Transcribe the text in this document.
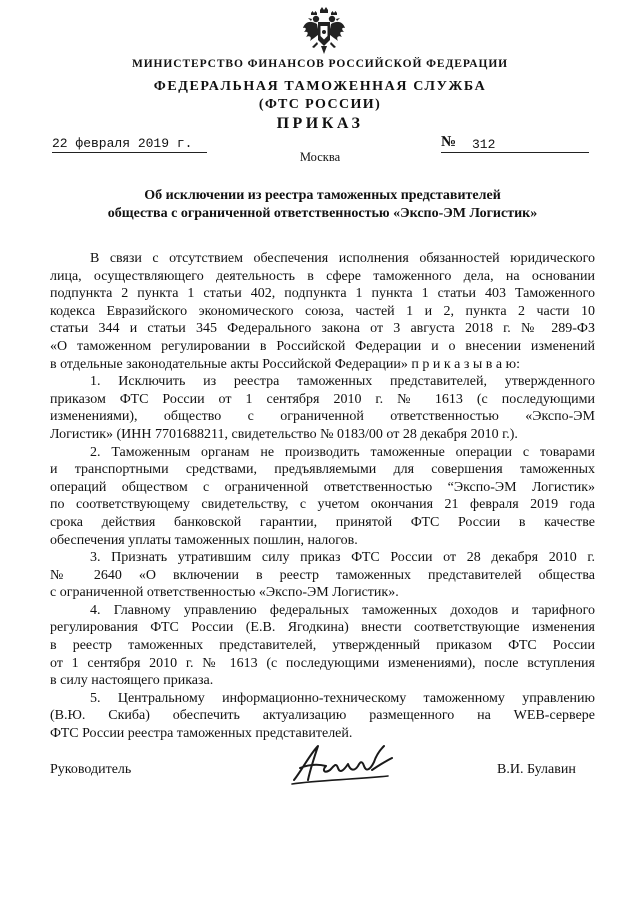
МИНИСТЕРСТВО ФИНАНСОВ РОССИЙСКОЙ ФЕДЕРАЦИИ
ФЕДЕРАЛЬНАЯ ТАМОЖЕННАЯ СЛУЖБА
(ФТС РОССИИ)
ПРИКАЗ
22 февраля 2019 г.	№ 312
Москва
Об исключении из реестра таможенных представителей
общества с ограниченной ответственностью «Экспо-ЭМ Логистик»
В связи с отсутствием обеспечения исполнения обязанностей юридического
лица, осуществляющего деятельность в сфере таможенного дела, на основании
подпункта 2 пункта 1 статьи 402, подпункта 1 пункта 1 статьи 403 Таможенного
кодекса Евразийского экономического союза, частей 1 и 2, пункта 2 части 10
статьи 344 и статьи 345 Федерального закона от 3 августа 2018 г. № 289-ФЗ
«О таможенном регулировании в Российской Федерации и о внесении изменений
в отдельные законодательные акты Российской Федерации» п р и к а з ы в а ю:
1. Исключить из реестра таможенных представителей, утвержденного
приказом ФТС России от 1 сентября 2010 г. № 1613 (с последующими
изменениями), общество с ограниченной ответственностью «Экспо-ЭМ
Логистик» (ИНН 7701688211, свидетельство № 0183/00 от 28 декабря 2010 г.).
2. Таможенным органам не производить таможенные операции с товарами
и транспортными средствами, предъявляемыми для совершения таможенных
операций обществом с ограниченной ответственностью “Экспо-ЭМ Логистик»
по соответствующему свидетельству, с учетом окончания 21 февраля 2019 года
срока действия банковской гарантии, принятой ФТС России в качестве
обеспечения уплаты таможенных пошлин, налогов.
3. Признать утратившим силу приказ ФТС России от 28 декабря 2010 г.
№ 2640 «О включении в реестр таможенных представителей общества
с ограниченной ответственностью «Экспо-ЭМ Логистик».
4. Главному управлению федеральных таможенных доходов и тарифного
регулирования ФТС России (Е.В. Ягодкина) внести соответствующие изменения
в реестр таможенных представителей, утвержденный приказом ФТС России
от 1 сентября 2010 г. № 1613 (с последующими изменениями), после вступления
в силу настоящего приказа.
5. Центральному информационно-техническому таможенному управлению
(В.Ю. Скиба) обеспечить актуализацию размещенного на WEB-сервере
ФТС России реестра таможенных представителей.
Руководитель	В.И. Булавин
